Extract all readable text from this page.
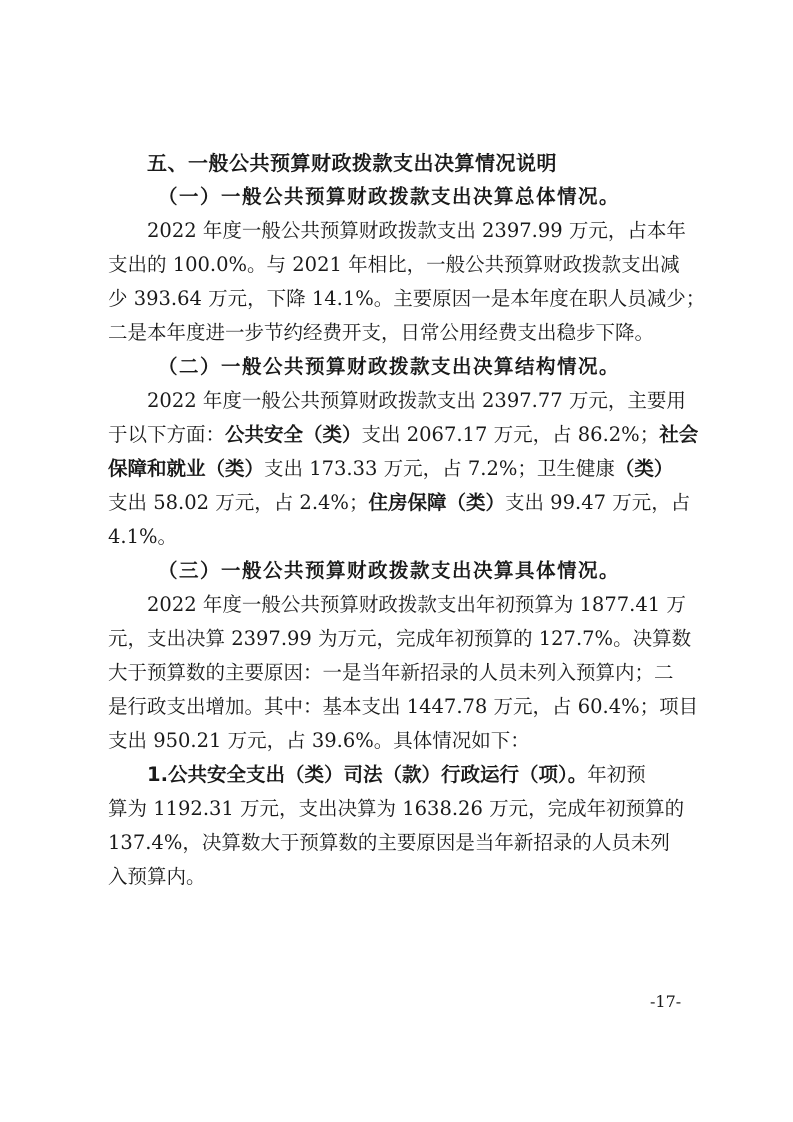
五、一般公共预算财政拨款支出决算情况说明
（一）一般公共预算财政拨款支出决算总体情况。
2022 年度一般公共预算财政拨款支出 2397.99 万元，占本年
支出的 100.0%。与 2021 年相比，一般公共预算财政拨款支出减
少 393.64 万元，下降 14.1%。主要原因一是本年度在职人员减少；
二是本年度进一步节约经费开支，日常公用经费支出稳步下降。
（二）一般公共预算财政拨款支出决算结构情况。
2022 年度一般公共预算财政拨款支出 2397.77 万元，主要用
于以下方面：公共安全（类）支出 2067.17 万元，占 86.2%；社会
保障和就业（类）支出 173.33 万元，占 7.2%；卫生健康（类）
支出 58.02 万元，占 2.4%；住房保障（类）支出 99.47 万元，占
4.1%。
（三）一般公共预算财政拨款支出决算具体情况。
2022 年度一般公共预算财政拨款支出年初预算为 1877.41 万
元，支出决算 2397.99 为万元，完成年初预算的 127.7%。决算数
大于预算数的主要原因：一是当年新招录的人员未列入预算内；二
是行政支出增加。其中：基本支出 1447.78 万元，占 60.4%；项目
支出 950.21 万元，占 39.6%。具体情况如下：
1.公共安全支出（类）司法（款）行政运行（项）。年初预
算为 1192.31 万元，支出决算为 1638.26 万元，完成年初预算的
137.4%，决算数大于预算数的主要原因是当年新招录的人员未列
入预算内。
-17-
